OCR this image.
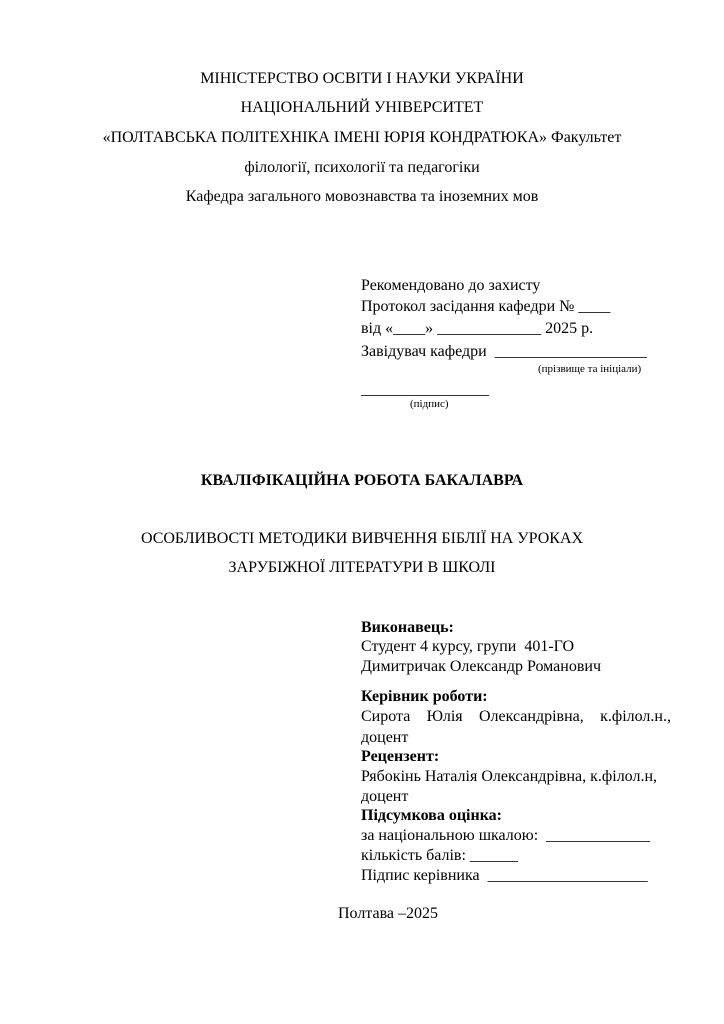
МІНІСТЕРСТВО ОСВІТИ І НАУКИ УКРАЇНИ
НАЦІОНАЛЬНИЙ УНІВЕРСИТЕТ
«ПОЛТАВСЬКА ПОЛІТЕХНІКА ІМЕНІ ЮРІЯ КОНДРАТЮКА» Факультет
філології, психології та педагогіки
Кафедра загального мовознавства та іноземних мов
Рекомендовано до захисту
Протокол засідання кафедри № ____
від «____» _____________ 2025 р.
Завідувач кафедри  ___________________
(прізвище та ініціали)
________________
(підпис)
КВАЛІФІКАЦІЙНА РОБОТА БАКАЛАВРА
ОСОБЛИВОСТІ МЕТОДИКИ ВИВЧЕННЯ БІБЛІЇ НА УРОКАХ
ЗАРУБІЖНОЇ ЛІТЕРАТУРИ В ШКОЛІ
Виконавець:
Студент 4 курсу, групи  401-ГО
Димитричак Олександр Романович
Керівник роботи:
Сирота Юлія Олександрівна, к.філол.н.,
доцент
Рецензент:
Рябокінь Наталія Олександрівна, к.філол.н,
доцент
Підсумкова оцінка:
за національною шкалою:  _____________
кількість балів: ______
Підпис керівника  ____________________
Полтава –2025
